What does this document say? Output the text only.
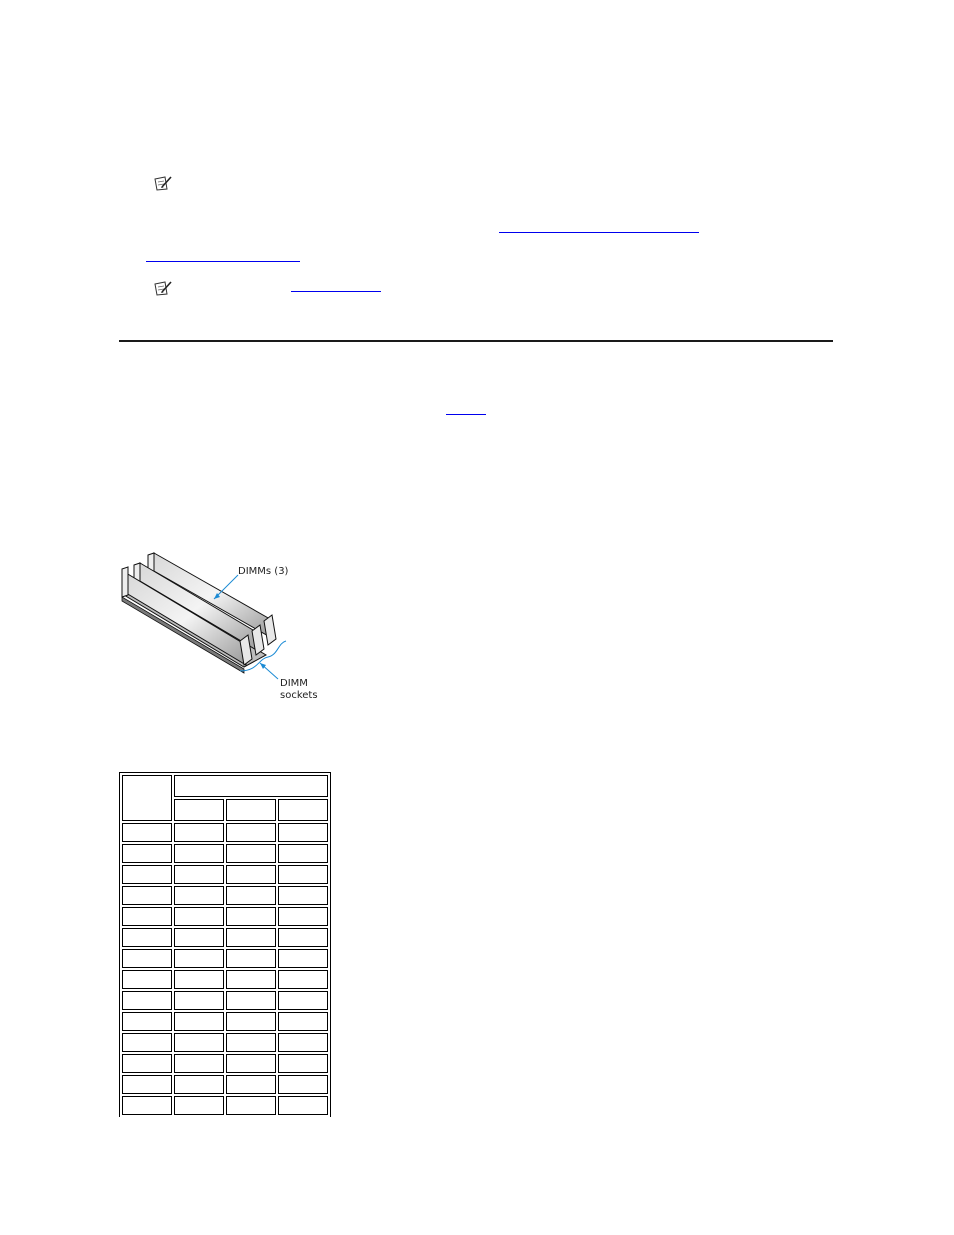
DIMMs (3)
DIMM
sockets
